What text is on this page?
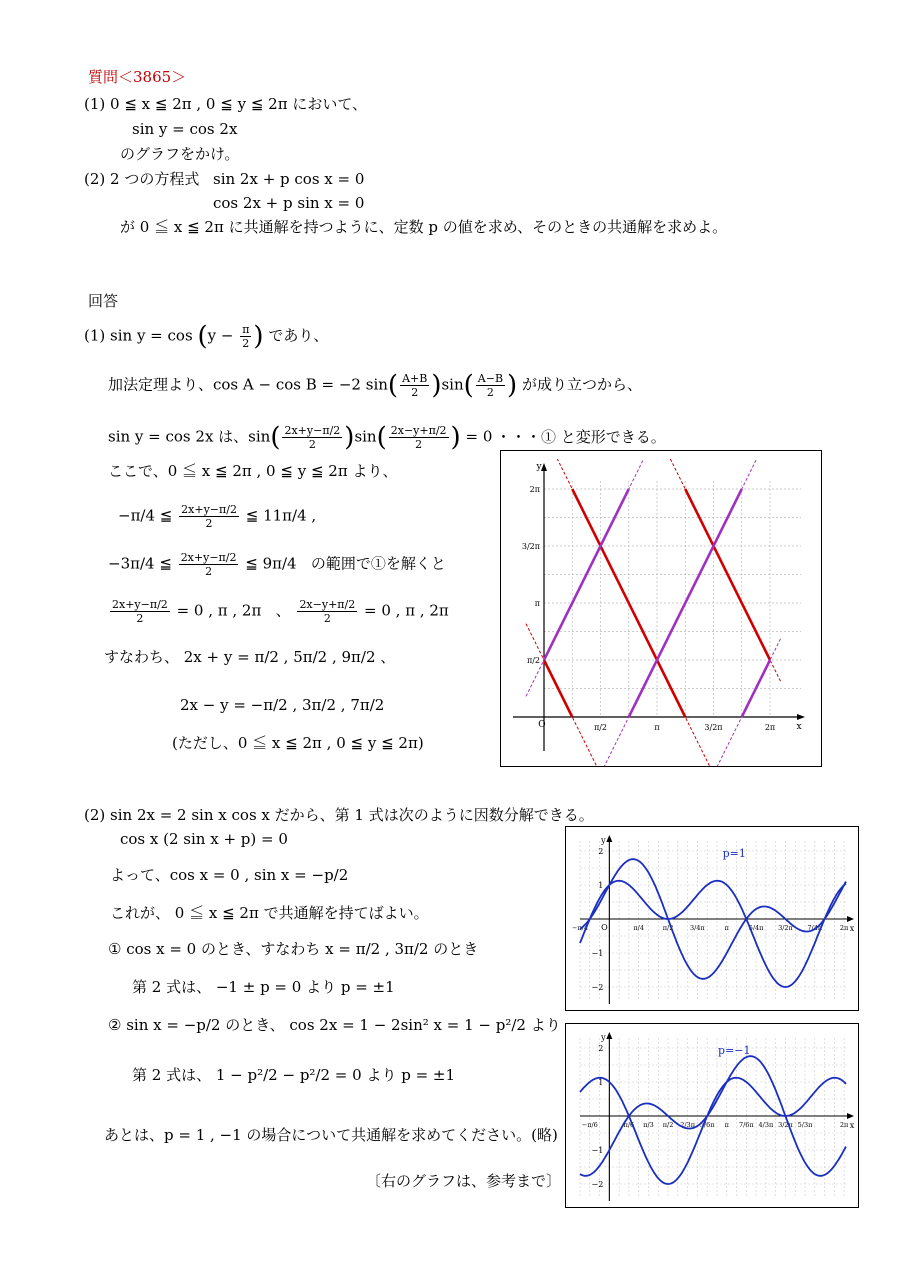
質問＜3865＞
(1) 0 ≦ x ≦ 2π , 0 ≦ y ≦ 2π において、
sin y = cos 2x
のグラフをかけ。
(2) 2 つの方程式 sin 2x + p cos x = 0
cos 2x + p sin x = 0
が 0 ≦ x ≦ 2π に共通解を持つように、定数 p の値を求め、そのときの共通解を求めよ。
回答
(1) $\sin y = \cos (y - \frac{\pi}{2}$ ) であり、
加法定理より、cos A − cos B = −2 $\sin( \frac{A+B}{2} )\sin( \frac{A-B}{2}$ ) が成り立つから、
sin y = cos 2x は、$\sin( \frac{2x+y-\pi/2}{2} )\sin( \frac{2x-y+\pi/2}{2}$ ) = 0 ・・・① と変形できる。
ここで、0 ≦ x ≦ 2π , 0 ≦ y ≦ 2π より、
−π/4 ≦ $\frac{2x+y-\pi/2}{2}$ ≦ 11π/4 ,
−3π/4 ≦ $\frac{2x+y-\pi/2}{2}$ ≦ 9π/4 の範囲で①を解くと
$\frac{2x+y-\pi/2}{2} = 0$ , π , 2π 、 $\frac{2x-y+\pi/2}{2} = 0$ , π , 2π
すなわち、 2x + y = π/2 , 5π/2 , 9π/2 、
2x − y = −π/2 , 3π/2 , 7π/2
(ただし、0 ≦ x ≦ 2π , 0 ≦ y ≦ 2π)
y
x
O
2π
3/2π
π
π/2
π/2	π	3/2π	2π
(2) sin 2x = 2 sin x cos x だから、第 1 式は次のように因数分解できる。
cos x (2 sin x + p) = 0
よって、cos x = 0 , sin x = −p/2
これが、 0 ≦ x ≦ 2π で共通解を持てばよい。
① cos x = 0 のとき、すなわち x = π/2 , 3π/2 のとき
第 2 式は、 −1 ± p = 0 より p = ±1
② sin x = −p/2 のとき、 cos 2x = 1 − 2sin² x = 1 − p²/2 より
第 2 式は、 1 − p²/2 − p²/2 = 0 より p = ±1
あとは、p = 1 , −1 の場合について共通解を求めてください。(略)
〔右のグラフは、参考まで〕
y
x
O
2
1
−1
−2
−π/4	π/4	π/2	3/4π	π	5/4π 3/2π 7/4π	2π
p=1
y
x
2
1
−1
−2
−π/6	π/6 π/3 π/2 2/3π 5/6π π 7/6π 4/3π 3/2π 5/3π	2π
p=−1
